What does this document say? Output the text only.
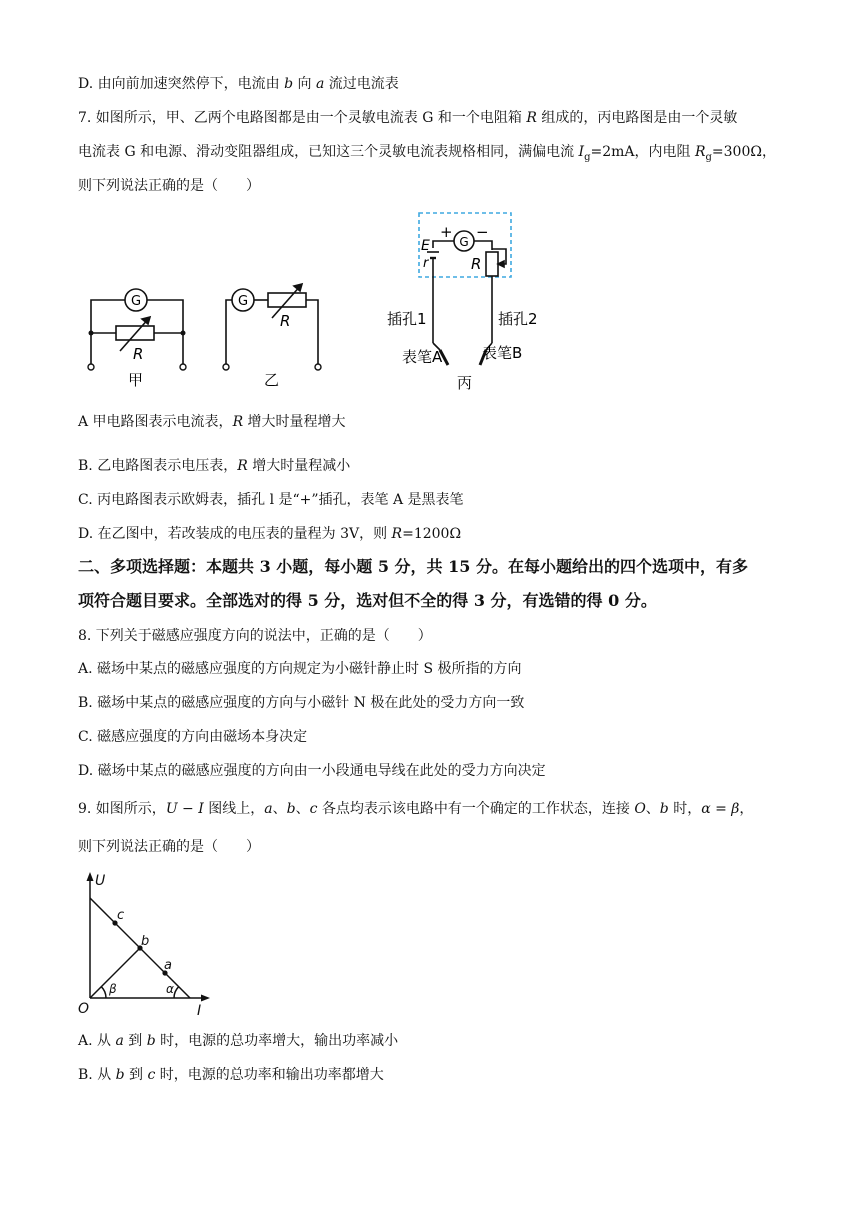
D. 由向前加速突然停下，电流由 b 向 a 流过电流表
7. 如图所示，甲、乙两个电路图都是由一个灵敏电流表 G 和一个电阻箱 R 组成的，丙电路图是由一个灵敏
电流表 G 和电源、滑动变阻器组成，已知这三个灵敏电流表规格相同，满偏电流 $I_g=2mA$，内电阻 $R_g=300\Omega$，
则下列说法正确的是（　　）
G
R
甲
G
R
乙
G
+ −
E
r	R
插孔1	插孔2
表笔A	表笔B
丙
A 甲电路图表示电流表，R 增大时量程增大
B. 乙电路图表示电压表，R 增大时量程减小
C. 丙电路图表示欧姆表，插孔 l 是“+”插孔，表笔 A 是黑表笔
D. 在乙图中，若改装成的电压表的量程为 3V，则 R=1200Ω
二、多项选择题：本题共 3 小题，每小题 5 分，共 15 分。在每小题给出的四个选项中，有多
项符合题目要求。全部选对的得 5 分，选对但不全的得 3 分，有选错的得 0 分。
8. 下列关于磁感应强度方向的说法中，正确的是（　　）
A. 磁场中某点的磁感应强度的方向规定为小磁针静止时 S 极所指的方向
B. 磁场中某点的磁感应强度的方向与小磁针 N 极在此处的受力方向一致
C. 磁感应强度的方向由磁场本身决定
D. 磁场中某点的磁感应强度的方向由一小段通电导线在此处的受力方向决定
9. 如图所示，U − I 图线上，a、b、c 各点均表示该电路中有一个确定的工作状态，连接 O、b 时，α = β，
则下列说法正确的是（　　）
U
I
O
c
b
a
β	α
A. 从 a 到 b 时，电源的总功率增大，输出功率减小
B. 从 b 到 c 时，电源的总功率和输出功率都增大
